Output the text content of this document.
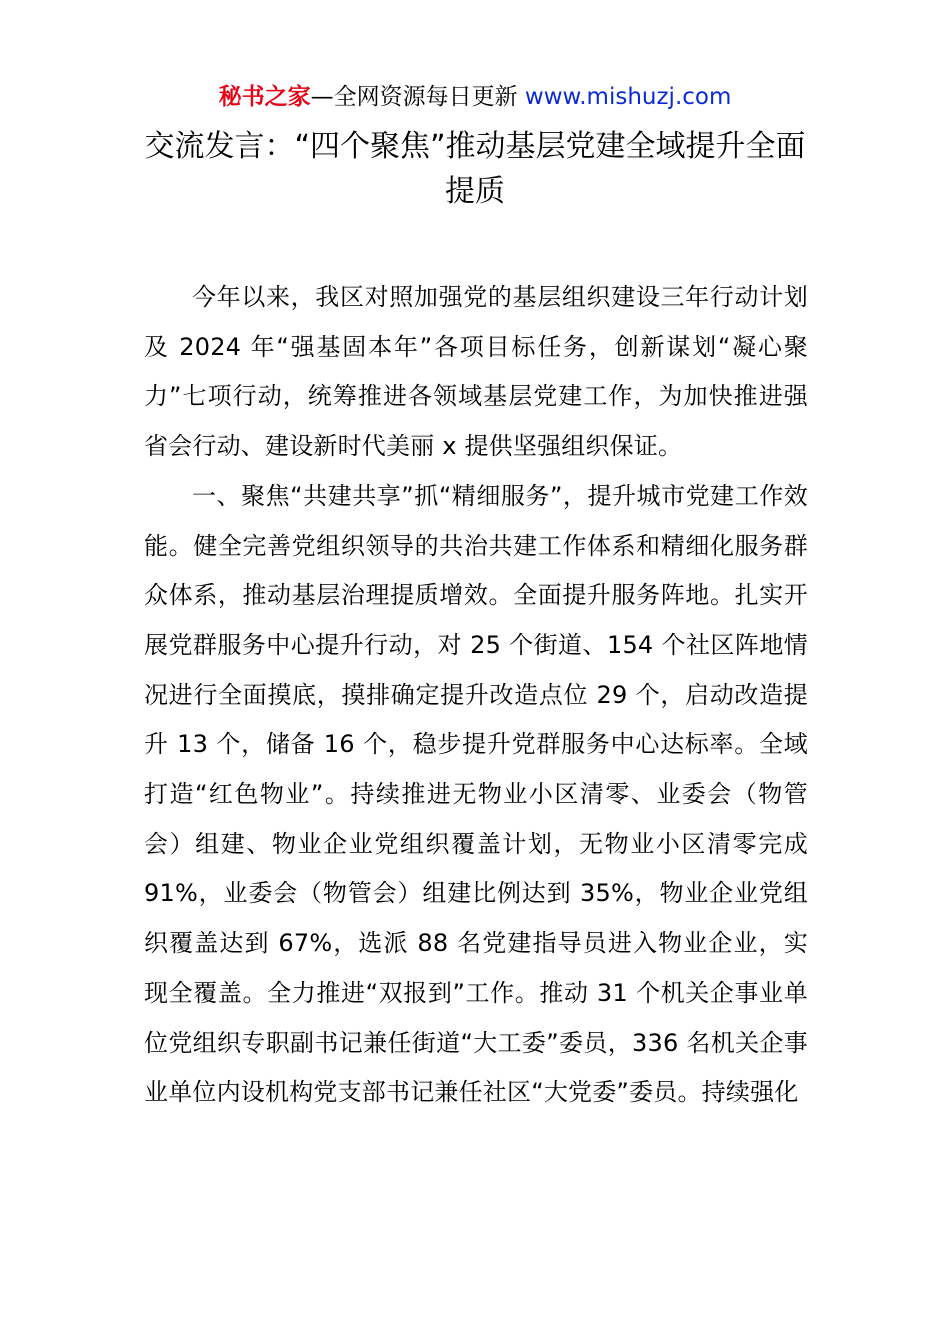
秘书之家—全网资源每日更新 www.mishuzj.com
交流发言：“四个聚焦”推动基层党建全域提升全面提质

今年以来，我区对照加强党的基层组织建设三年行动计划及 2024 年“强基固本年”各项目标任务，创新谋划“凝心聚力”七项行动，统筹推进各领域基层党建工作，为加快推进强省会行动、建设新时代美丽 x 提供坚强组织保证。

一、聚焦“共建共享”抓“精细服务”，提升城市党建工作效能。健全完善党组织领导的共治共建工作体系和精细化服务群众体系，推动基层治理提质增效。全面提升服务阵地。扎实开展党群服务中心提升行动，对 25 个街道、154 个社区阵地情况进行全面摸底，摸排确定提升改造点位 29 个，启动改造提升 13 个，储备 16 个，稳步提升党群服务中心达标率。全域打造“红色物业”。持续推进无物业小区清零、业委会（物管会）组建、物业企业党组织覆盖计划，无物业小区清零完成 91%，业委会（物管会）组建比例达到 35%，物业企业党组织覆盖达到 67%，选派 88 名党建指导员进入物业企业，实现全覆盖。全力推进“双报到”工作。推动 31 个机关企事业单位党组织专职副书记兼任街道“大工委”委员，336 名机关企事业单位内设机构党支部书记兼任社区“大党委”委员。持续强化
